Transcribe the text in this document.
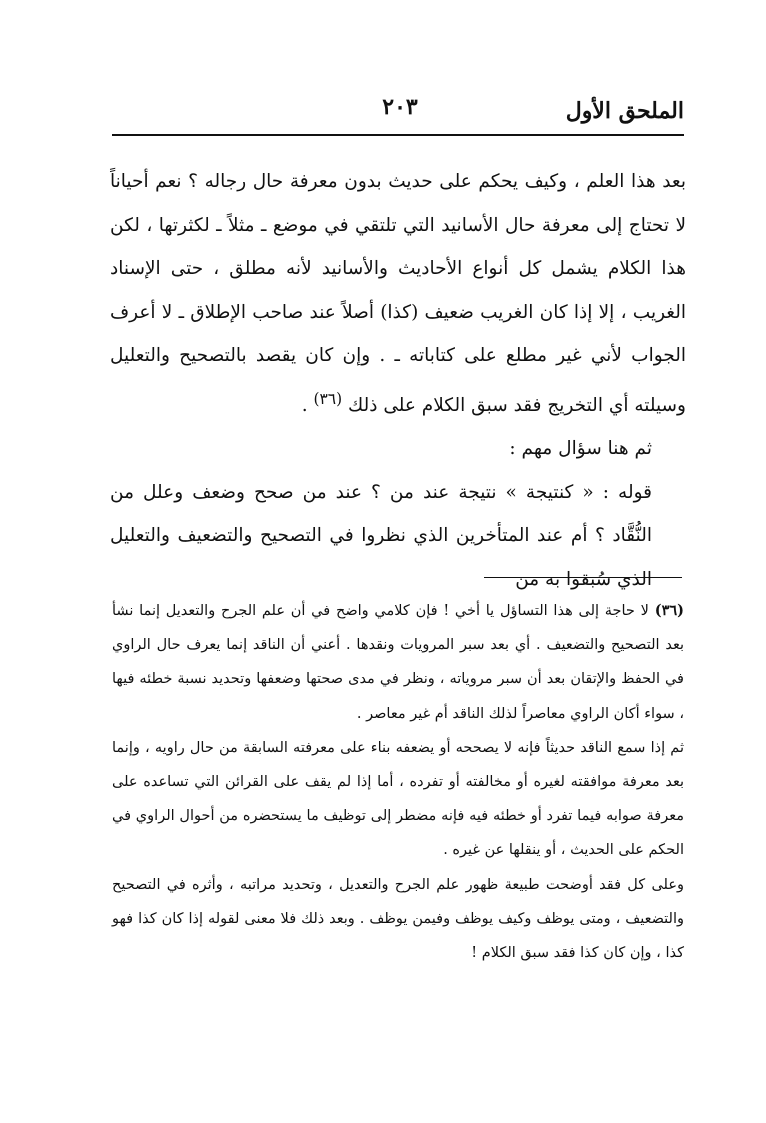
الملحق الأول
٢٠٣

بعد هذا العلم ، وكيف يحكم على حديث بدون معرفة حال رجاله ؟ نعم أحياناً لا تحتاج إلى معرفة حال الأسانيد التي تلتقي في موضع ـ مثلاً ـ لكثرتها ، لكن هذا الكلام يشمل كل أنواع الأحاديث والأسانيد لأنه مطلق ، حتى الإسناد الغريب ، إلا إذا كان الغريب ضعيف (كذا) أصلاً عند صاحب الإطلاق ـ لا أعرف الجواب لأني غير مطلع على كتاباته ـ . وإن كان يقصد بالتصحيح والتعليل وسيلته أي التخريج فقد سبق الكلام على ذلك $^{(٣٦)}$ .

ثم هنا سؤال مهم :

قوله : « كنتيجة » نتيجة عند من ؟ عند من صحح وضعف وعلل من النُّقَّاد ؟ أم عند المتأخرين الذي نظروا في التصحيح والتضعيف والتعليل الذي سُبقوا به من

(٣٦) لا حاجة إلى هذا التساؤل يا أخي ! فإن كلامي واضح في أن علم الجرح والتعديل إنما نشأ بعد التصحيح والتضعيف . أي بعد سبر المرويات ونقدها . أعني أن الناقد إنما يعرف حال الراوي في الحفظ والإتقان بعد أن سبر مروياته ، ونظر في مدى صحتها وضعفها وتحديد نسبة خطئه فيها ، سواء أكان الراوي معاصراً لذلك الناقد أم غير معاصر .

ثم إذا سمع الناقد حديثاً فإنه لا يصححه أو يضعفه بناء على معرفته السابقة من حال راويه ، وإنما بعد معرفة موافقته لغيره أو مخالفته أو تفرده ، أما إذا لم يقف على القرائن التي تساعده على معرفة صوابه فيما تفرد أو خطئه فيه فإنه مضطر إلى توظيف ما يستحضره من أحوال الراوي في الحكم على الحديث ، أو ينقلها عن غيره .

وعلى كل فقد أوضحت طبيعة ظهور علم الجرح والتعديل ، وتحديد مراتبه ، وأثره في التصحيح والتضعيف ، ومتى يوظف وكيف يوظف وفيمن يوظف . وبعد ذلك فلا معنى لقوله إذا كان كذا فهو كذا ، وإن كان كذا فقد سبق الكلام !
